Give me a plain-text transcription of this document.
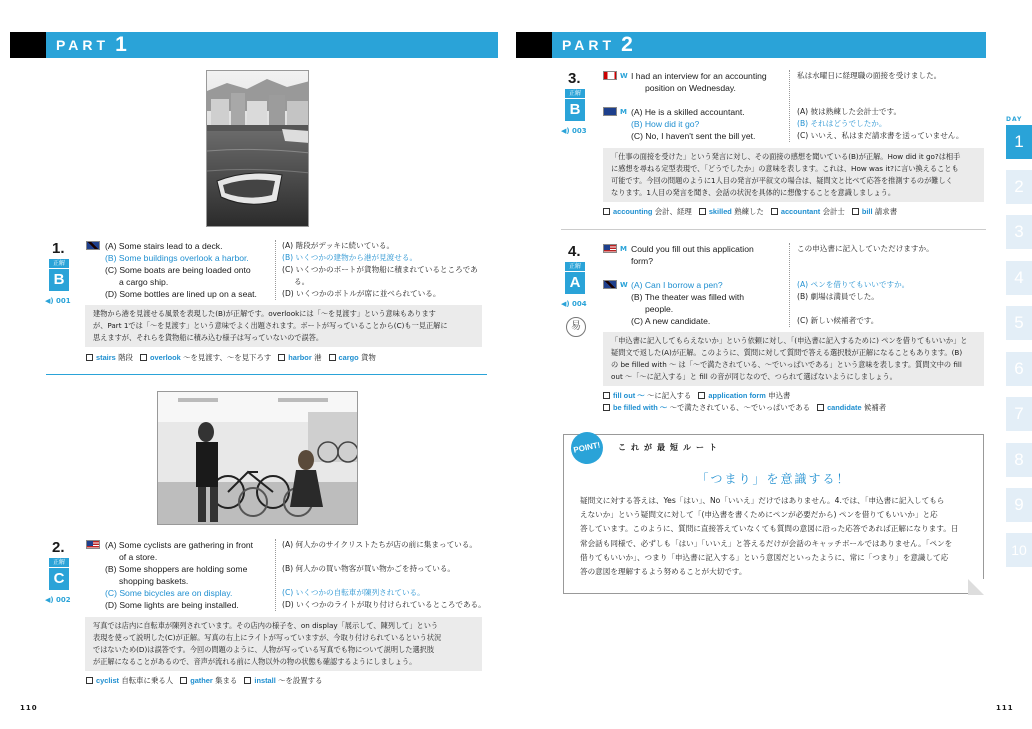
PART 1
1.
正解
B
◀) 001
(A) Some stairs lead to a deck.
(B) Some buildings overlook a harbor.
(C) Some boats are being loaded onto
a cargo ship.
(D) Some bottles are lined up on a seat.
(A) 階段がデッキに続いている。
(B) いくつかの建物から港が見渡せる。
(C) いくつかのボートが貨物船に積まれているところであ
る。
(D) いくつかのボトルが席に並べられている。
建物から港を見渡せる風景を表現した(B)が正解です。overlookには「〜を見渡す」という意味もあります
が、Part 1では「〜を見渡す」という意味でよく出題されます。ボートが写っていることから(C)も一見正解に
思えますが、それらを貨物船に積み込む様子は写っていないので誤答。
stairs 階段 overlook 〜を見渡す、〜を見下ろす harbor 港 cargo 貨物
2.
正解
C
◀) 002
(A) Some cyclists are gathering in front
of a store.
(B) Some shoppers are holding some
shopping baskets.
(C) Some bicycles are on display.
(D) Some lights are being installed.
(A) 何人かのサイクリストたちが店の前に集まっている。
(B) 何人かの買い物客が買い物かごを持っている。
(C) いくつかの自転車が陳列されている。
(D) いくつかのライトが取り付けられているところである。
写真では店内に自転車が陳列されています。その店内の様子を、on display「展示して、陳列して」という
表現を使って説明した(C)が正解。写真の右上にライトが写っていますが、今取り付けられているという状況
ではないため(D)は誤答です。今回の問題のように、人物が写っている写真でも物について説明した選択肢
が正解になることがあるので、音声が流れる前に人物以外の物の状態も確認するようにしましょう。
cyclist 自転車に乗る人 gather 集まる install 〜を設置する
110
PART 2
3.
正解
B
◀) 003
W I had an interview for an accounting
position on Wednesday.
私は水曜日に経理職の面接を受けました。
M (A) He is a skilled accountant.
(B) How did it go?
(C) No, I haven't sent the bill yet.
(A) 彼は熟練した会計士です。
(B) それはどうでしたか。
(C) いいえ、私はまだ請求書を送っていません。
「仕事の面接を受けた」という発言に対し、その面接の感想を聞いている(B)が正解。How did it go?は相手
に感想を尋ねる定型表現で、「どうでしたか」の意味を表します。これは、How was it?に言い換えることも
可能です。今回の問題のように1人目の発言が平叙文の場合は、疑問文と比べて応答を推測するのが難しく
なります。1人目の発言を聞き、会話の状況を具体的に想像することを意識しましょう。
accounting 会計、経理 skilled 熟練した accountant 会計士 bill 請求書
4.
正解
A
◀) 004
易
M Could you fill out this application
form?
この申込書に記入していただけますか。
W (A) Can I borrow a pen?
(B) The theater was filled with
people.
(C) A new candidate.
(A) ペンを借りてもいいですか。
(B) 劇場は満員でした。
(C) 新しい候補者です。
「申込書に記入してもらえないか」という依頼に対し、「(申込書に記入するために) ペンを借りてもいいか」と
疑問文で返した(A)が正解。このように、質問に対して質問で答える選択肢が正解になることもあります。(B)
の be filled with 〜 は「〜で満たされている、〜でいっぱいである」という意味を表します。質問文中の fill
out 〜「〜に記入する」と fill の音が同じなので、つられて選ばないようにしましょう。
fill out 〜 〜に記入する application form 申込書
be filled with 〜 〜で満たされている、〜でいっぱいである candidate 候補者
POINT!	これが最短ルート
「つまり」を意識する！
疑問文に対する答えは、Yes「はい」、No「いいえ」だけではありません。4.では、「申込書に記入してもら
えないか」という疑問文に対して「(申込書を書くためにペンが必要だから) ペンを借りてもいいか」と応
答しています。このように、質問に直接答えていなくても質問の意図に沿った応答であれば正解になります。日
常会話も同様で、必ずしも「はい」「いいえ」と答えるだけが会話のキャッチボールではありません。「ペンを
借りてもいいか」、つまり「申込書に記入する」という意図だといったように、常に「つまり」を意識して応
答の意図を理解するよう努めることが大切です。
DAY
1
2
3
4
5
6
7
8
9
10
111
